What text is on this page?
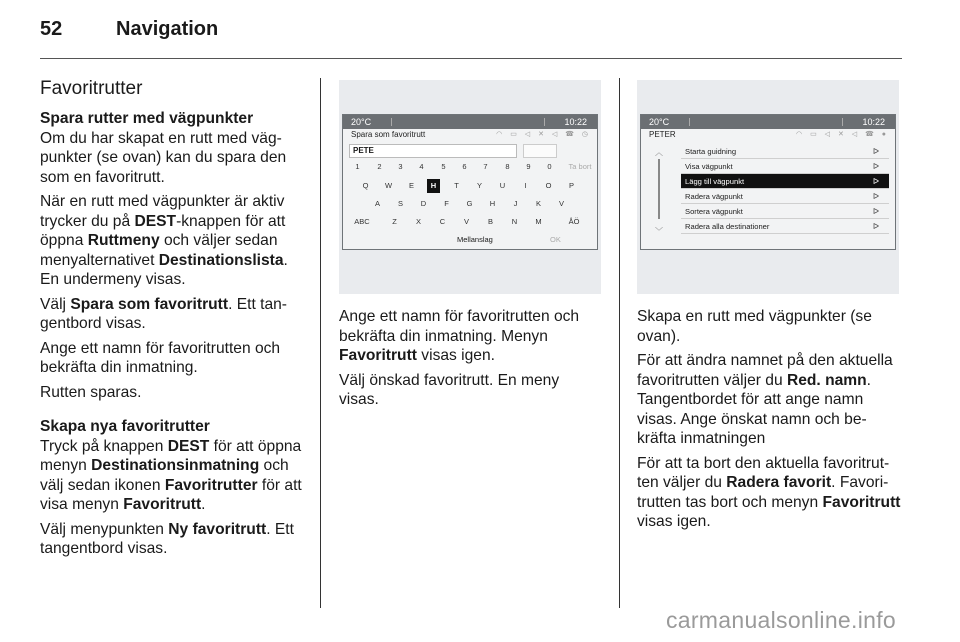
52	Navigation
Favoritrutter
Spara rutter med vägpunkter

Om du har skapat en rutt med väg-punkter (se ovan) kan du spara den som en favoritrutt.

När en rutt med vägpunkter är aktiv trycker du på DEST-knappen för att öppna Ruttmeny och väljer sedan menyalternativet Destinationslista. En undermeny visas.

Välj Spara som favoritrutt. Ett tan-gentbord visas.

Ange ett namn för favoritrutten och bekräfta din inmatning.

Rutten sparas.

Skapa nya favoritrutter

Tryck på knappen DEST för att öppna menyn Destinationsinmatning och välj sedan ikonen Favoritrutter för att visa menyn Favoritrutt.

Välj menypunkten Ny favoritrutt. Ett tangentbord visas.

20°C	10:22
Spara som favoritrutt	◠ ▭ ◁ ✕ ◁ ☎ ◷
PETE
1	2	3	4	5	6	7	8	9	0	Ta bort
Q	W	E	H	T	Y	U	I	O	P
A	S	D	F	G	H	J	K	V
ABC	Z	X	C	V	B	N	M	ÅÖ
Mellanslag	OK

Ange ett namn för favoritrutten och bekräfta din inmatning. Menyn Favoritrutt visas igen.

Välj önskad favoritrutt. En meny visas.

20°C	10:22
PETER	◠ ▭ ◁ ✕ ◁ ☎ ●
︿
﹀
Starta guidning	ᐅ
Visa vägpunkt	ᐅ
Lägg till vägpunkt	ᐅ
Radera vägpunkt	ᐅ
Sortera vägpunkt	ᐅ
Radera alla destinationer	ᐅ

Skapa en rutt med vägpunkter (se ovan).

För att ändra namnet på den aktuella favoritrutten väljer du Red. namn. Tangentbordet för att ange namn visas. Ange önskat namn och be-kräfta inmatningen

För att ta bort den aktuella favoritrut-ten väljer du Radera favorit. Favori-trutten tas bort och menyn Favoritrutt visas igen.

carmanualsonline.info
